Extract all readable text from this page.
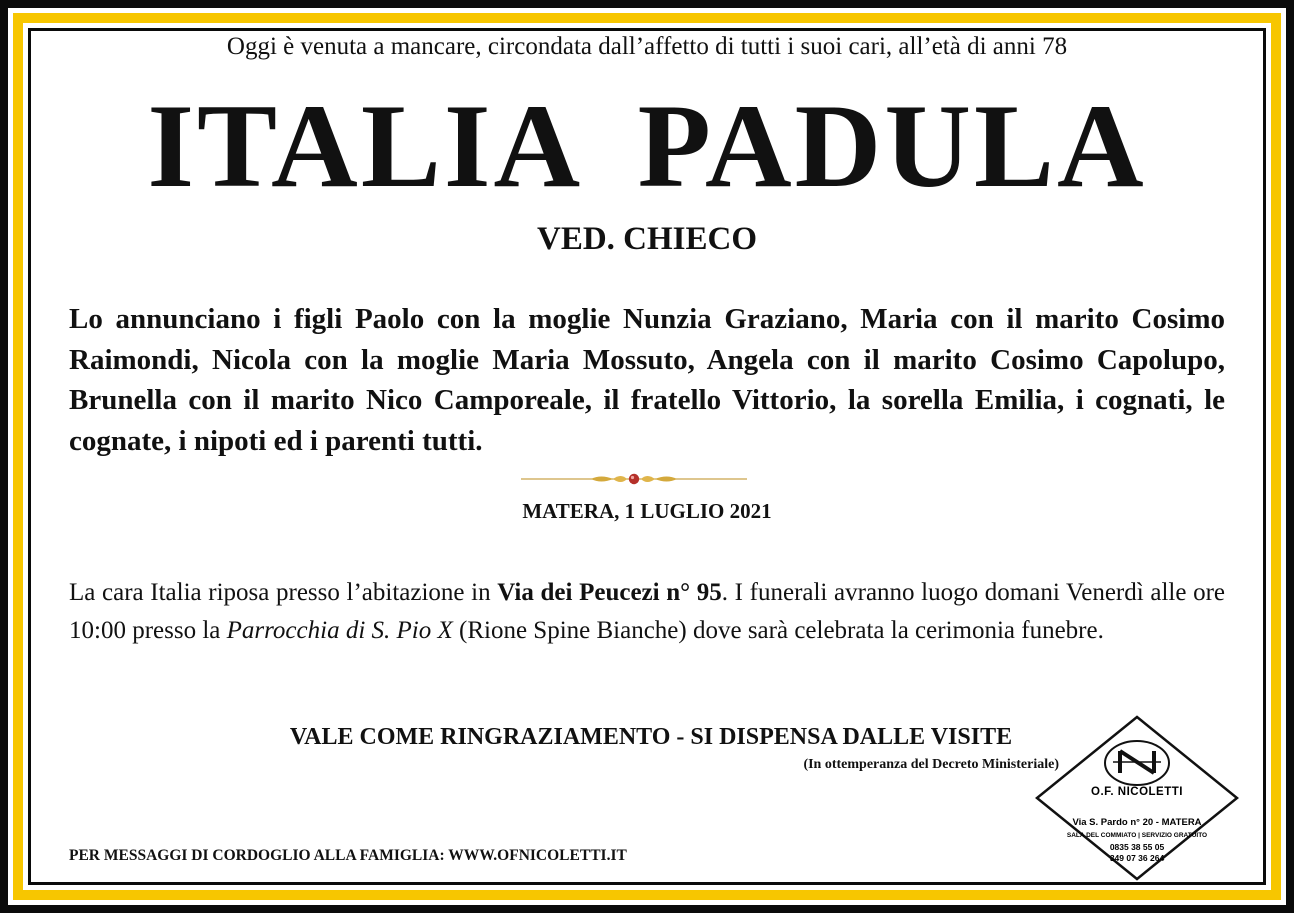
Oggi è venuta a mancare, circondata dall’affetto di tutti i suoi cari, all’età di anni 78
ITALIA PADULA
VED. CHIECO
Lo annunciano i figli Paolo con la moglie Nunzia Graziano, Maria con il marito Cosimo Raimondi, Nicola con la moglie Maria Mossuto, Angela con il marito Cosimo Capolupo, Brunella con il marito Nico Camporeale, il fratello Vittorio, la sorella Emilia, i cognati, le cognate, i nipoti ed i parenti tutti.
MATERA, 1 LUGLIO 2021
La cara Italia riposa presso l’abitazione in Via dei Peucezi n° 95. I funerali avranno luogo domani Venerdì alle ore 10:00 presso la Parrocchia di S. Pio X (Rione Spine Bianche) dove sarà celebrata la cerimonia funebre.
VALE COME RINGRAZIAMENTO - SI DISPENSA DALLE VISITE
(In ottemperanza del Decreto Ministeriale)
PER MESSAGGI DI CORDOGLIO ALLA FAMIGLIA: WWW.OFNICOLETTI.IT
O.F. NICOLETTI
Via S. Pardo n° 20 - MATERA
SALA DEL COMMIATO | SERVIZIO GRATUITO
0835 38 55 05
349 07 36 264
